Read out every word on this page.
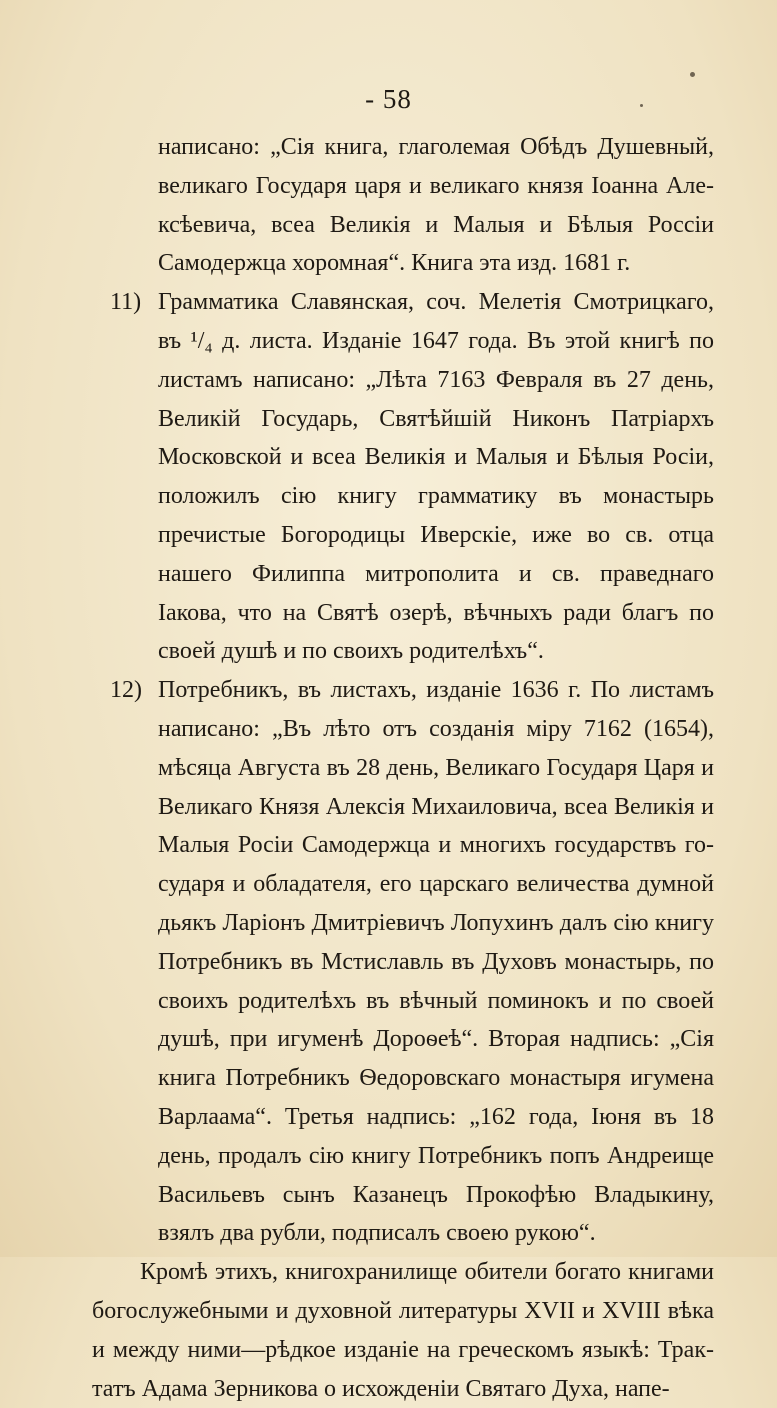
- 58

написано: „Сія книга, глаголемая Обѣдъ Душевный, великаго Государя царя и великаго князя Іоанна Алексѣевича, всеа Великія и Малыя и Бѣлыя Россіи Самодержца хоромная“. Книга эта изд. 1681 г.

11) Грамматика Славянская, соч. Мелетія Смотрицкаго, въ ¹/₄ д. листа. Изданіе 1647 года. Въ этой книгѣ по листамъ написано: „Лѣта 7163 Февраля въ 27 день, Великій Государь, Святѣйшій Никонъ Патріархъ Московской и всеа Великія и Малыя и Бѣлыя Росіи, положилъ сію книгу грамматику въ монастырь пречистые Богородицы Иверскіе, иже во св. отца нашего Филиппа митрополита и св. праведнаго Іакова, что на Святѣ озерѣ, вѣчныхъ ради благъ по своей душѣ и по своихъ родителѣхъ“.

12) Потребникъ, въ листахъ, изданіе 1636 г. По листамъ написано: „Въ лѣто отъ созданія міру 7162 (1654), мѣсяца Августа въ 28 день, Великаго Государя Царя и Великаго Князя Алексія Михаиловича, всеа Великія и Малыя Росіи Самодержца и многихъ государствъ государя и обладателя, его царскаго величества думной дьякъ Ларіонъ Дмитріевичъ Лопухинъ далъ сію книгу Потребникъ въ Мстиславль въ Духовъ монастырь, по своихъ родителѣхъ въ вѣчный поминокъ и по своей душѣ, при игуменѣ Дороѳеѣ“. Вторая надпись: „Сія книга Потребникъ Ѳедоровскаго монастыря игумена Варлаама“. Третья надпись: „162 года, Іюня въ 18 день, продалъ сію книгу Потребникъ попъ Андреище Васильевъ сынъ Казанецъ Прокофѣю Владыкину, взялъ два рубли, подписалъ своею рукою“.

Кромѣ этихъ, книгохранилище обители богато книгами богослужебными и духовной литературы XVII и XVIII вѣка и между ними—рѣдкое изданіе на греческомъ языкѣ: Трактатъ Адама Зерникова о исхожденіи Святаго Духа, напе-
